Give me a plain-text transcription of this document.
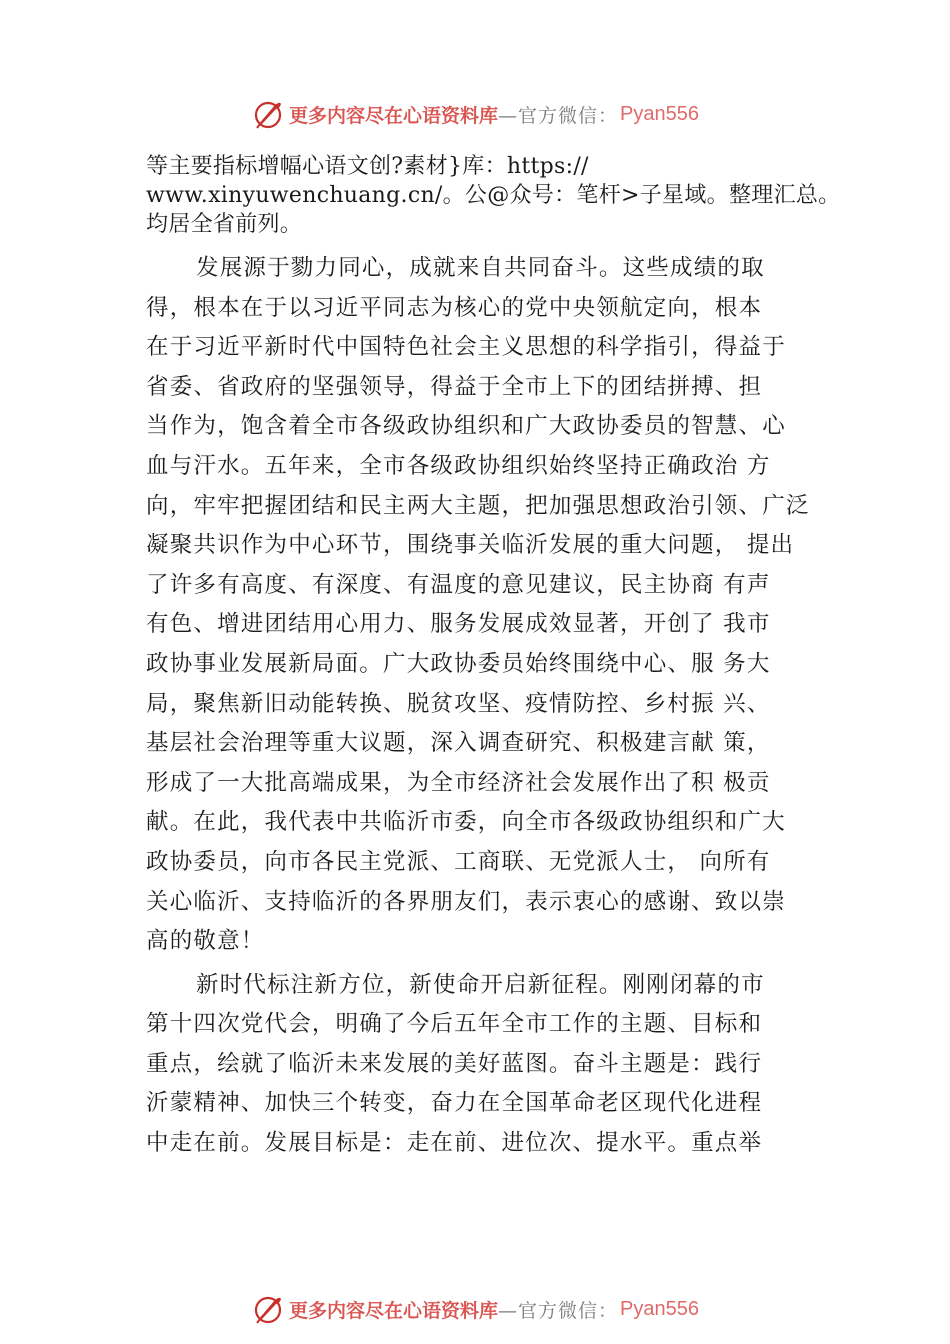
更多内容尽在心语资料库 —官方微信： Pyan556
等主要指标增幅心语文创?素材}库：https://
www.xinyuwenchuang.cn/。公@众号：笔杆>子星域。整理汇总。
均居全省前列。
发展源于勠力同心，成就来自共同奋斗。这些成绩的取
得，根本在于以习近平同志为核心的党中央领航定向，根本
在于习近平新时代中国特色社会主义思想的科学指引，得益于
省委、省政府的坚强领导，得益于全市上下的团结拼搏、担
当作为，饱含着全市各级政协组织和广大政协委员的智慧、心
血与汗水。五年来，全市各级政协组织始终坚持正确政治 方
向，牢牢把握团结和民主两大主题，把加强思想政治引领、广泛
凝聚共识作为中心环节，围绕事关临沂发展的重大问题， 提出
了许多有高度、有深度、有温度的意见建议，民主协商 有声
有色、增进团结用心用力、服务发展成效显著，开创了 我市
政协事业发展新局面。广大政协委员始终围绕中心、服 务大
局，聚焦新旧动能转换、脱贫攻坚、疫情防控、乡村振 兴、
基层社会治理等重大议题，深入调查研究、积极建言献 策，
形成了一大批高端成果，为全市经济社会发展作出了积 极贡
献。在此，我代表中共临沂市委，向全市各级政协组织和广大
政协委员，向市各民主党派、工商联、无党派人士， 向所有
关心临沂、支持临沂的各界朋友们，表示衷心的感谢、致以崇
高的敬意！
新时代标注新方位，新使命开启新征程。刚刚闭幕的市
第十四次党代会，明确了今后五年全市工作的主题、目标和
重点，绘就了临沂未来发展的美好蓝图。奋斗主题是：践行
沂蒙精神、加快三个转变，奋力在全国革命老区现代化进程
中走在前。发展目标是：走在前、进位次、提水平。重点举
更多内容尽在心语资料库 —官方微信： Pyan556
